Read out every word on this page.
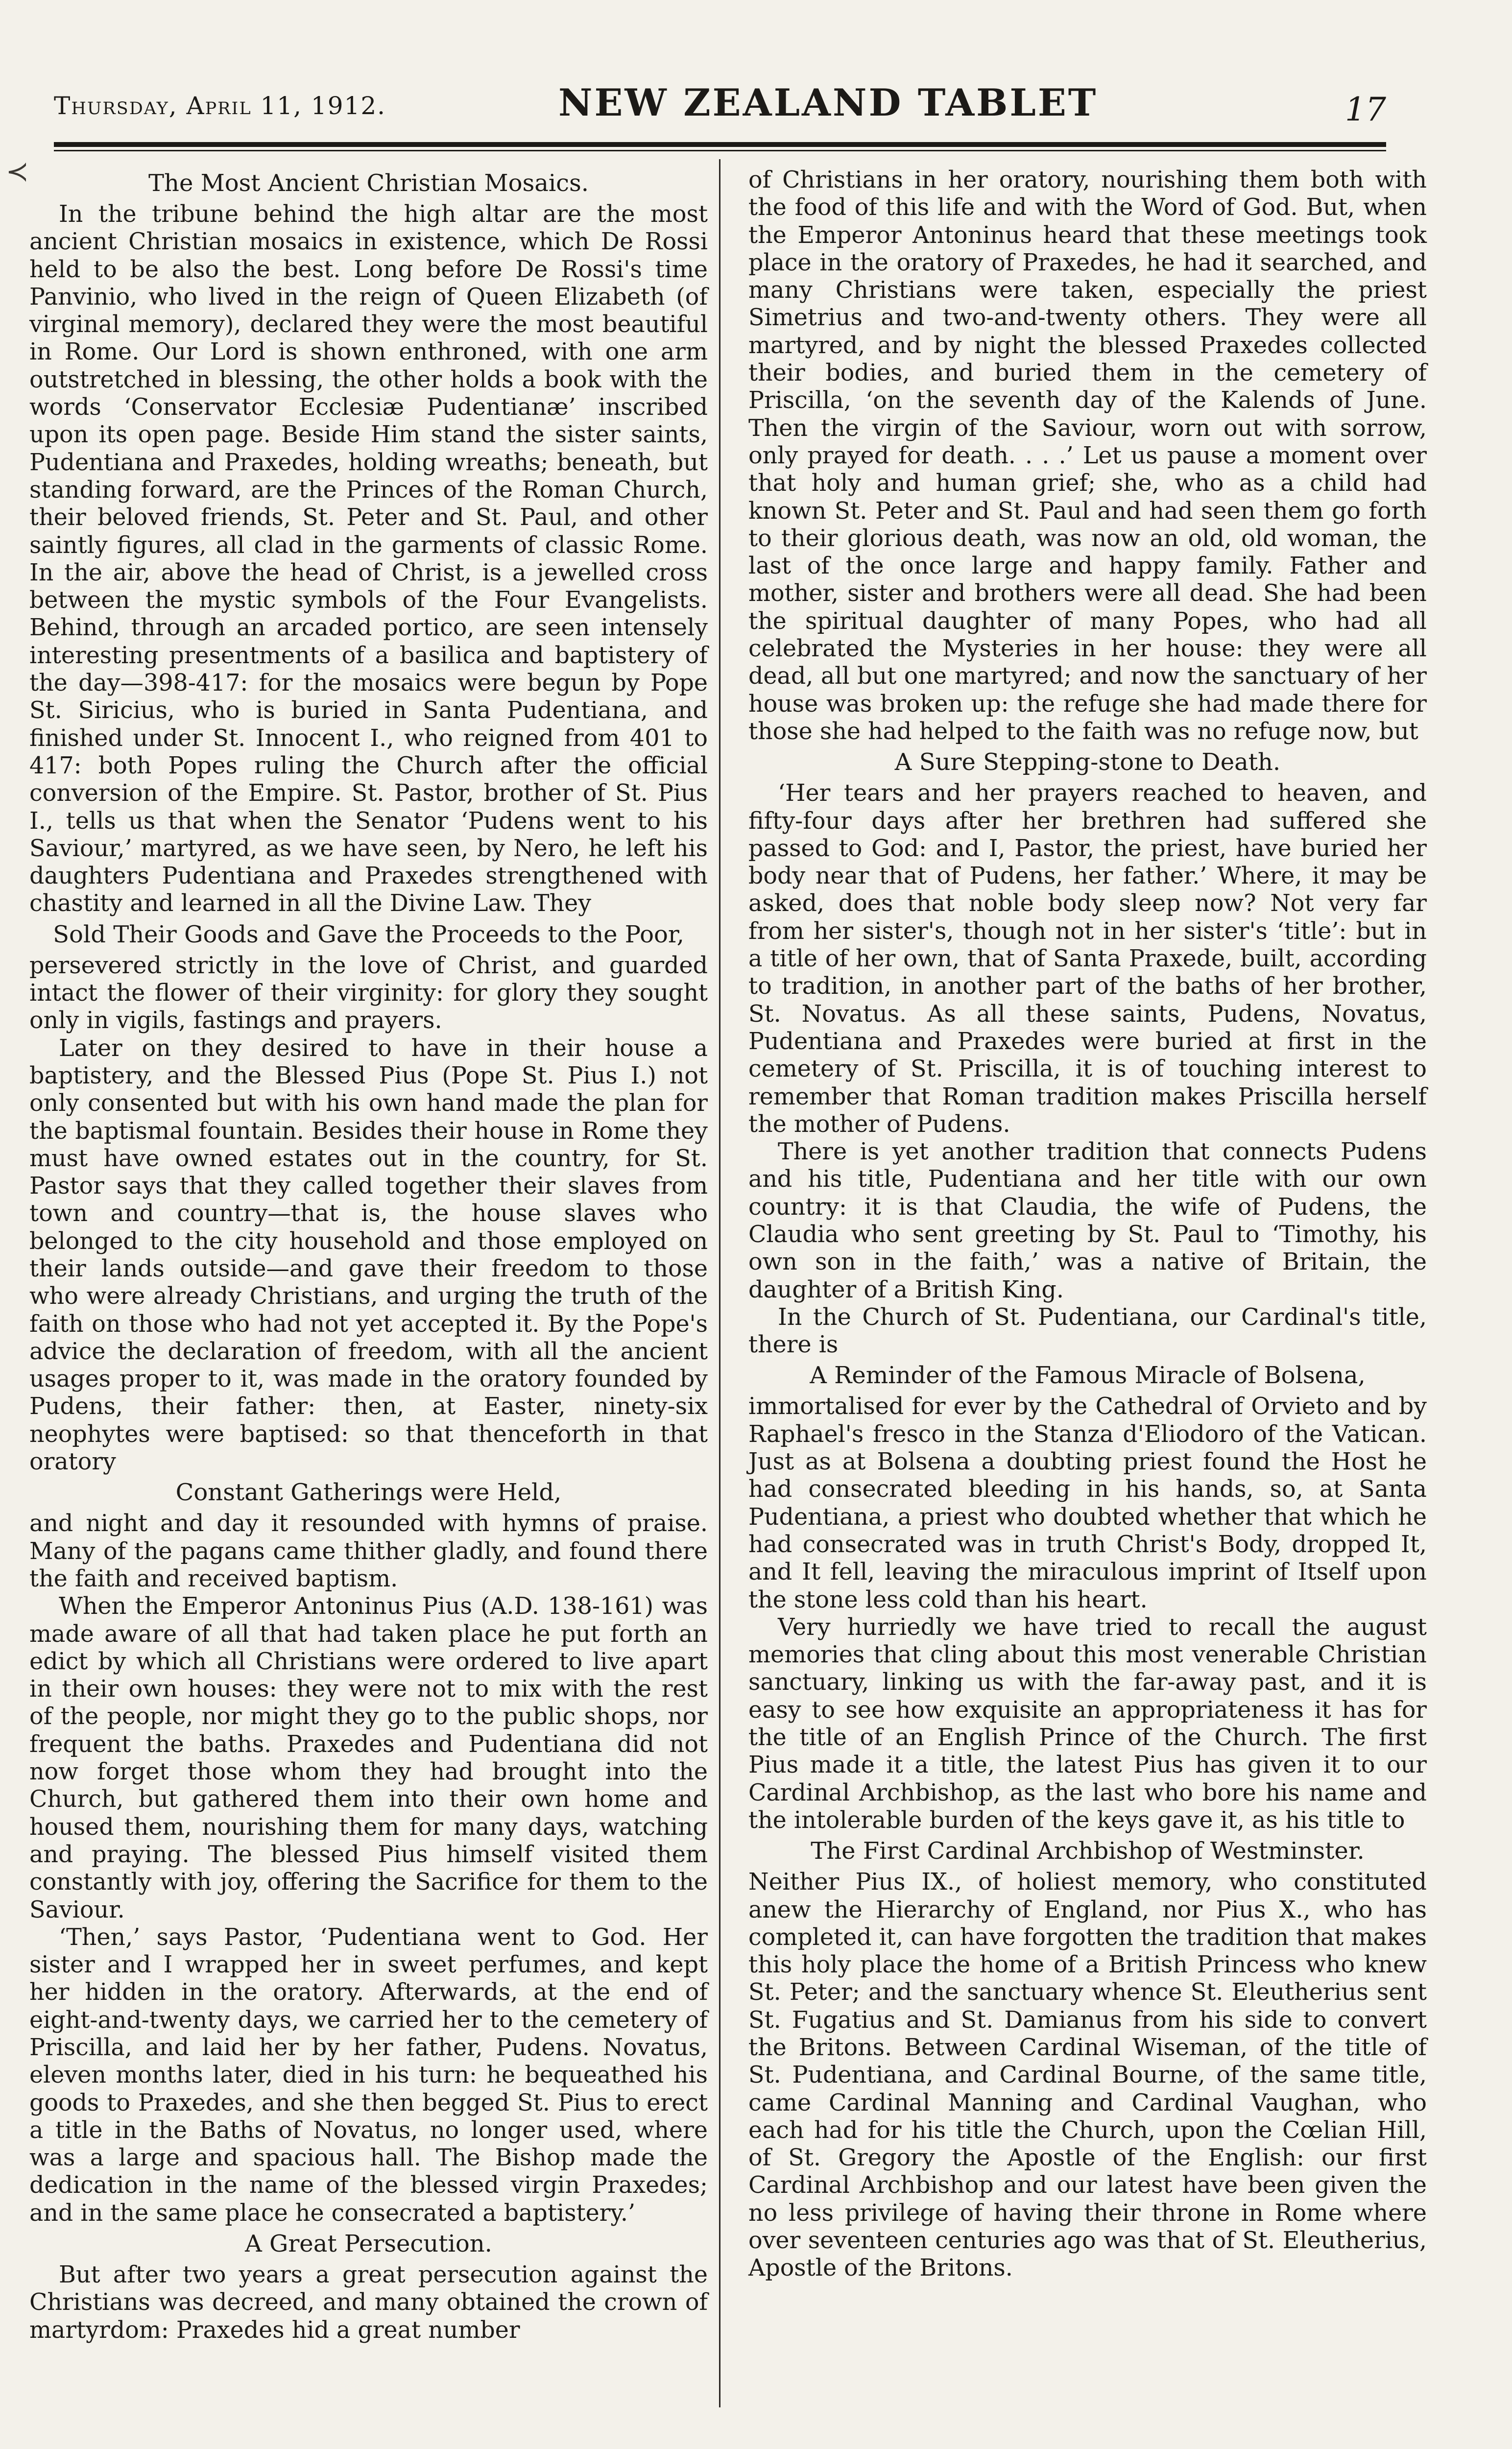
Thursday, April 11, 1912.	NEW ZEALAND TABLET	17
≺	The Most Ancient Christian Mosaics.

In the tribune behind the high altar are the most ancient Christian mosaics in existence, which De Rossi held to be also the best. Long before De Rossi's time Panvinio, who lived in the reign of Queen Elizabeth (of virginal memory), declared they were the most beautiful in Rome. Our Lord is shown enthroned, with one arm outstretched in blessing, the other holds a book with the words ‘Conservator Ecclesiæ Pudentianæ’ inscribed upon its open page. Beside Him stand the sister saints, Pudentiana and Praxedes, holding wreaths; beneath, but standing forward, are the Princes of the Roman Church, their beloved friends, St. Peter and St. Paul, and other saintly figures, all clad in the garments of classic Rome. In the air, above the head of Christ, is a jewelled cross between the mystic symbols of the Four Evangelists. Behind, through an arcaded portico, are seen intensely interesting presentments of a basilica and baptistery of the day—398-417: for the mosaics were begun by Pope St. Siricius, who is buried in Santa Pudentiana, and finished under St. Innocent I., who reigned from 401 to 417: both Popes ruling the Church after the official conversion of the Empire. St. Pastor, brother of St. Pius I., tells us that when the Senator ‘Pudens went to his Saviour,’ martyred, as we have seen, by Nero, he left his daughters Pudentiana and Praxedes strengthened with chastity and learned in all the Divine Law. They

Sold Their Goods and Gave the Proceeds to the Poor,

persevered strictly in the love of Christ, and guarded intact the flower of their virginity: for glory they sought only in vigils, fastings and prayers.

Later on they desired to have in their house a baptistery, and the Blessed Pius (Pope St. Pius I.) not only consented but with his own hand made the plan for the baptismal fountain. Besides their house in Rome they must have owned estates out in the country, for St. Pastor says that they called together their slaves from town and country—that is, the house slaves who belonged to the city household and those employed on their lands outside—and gave their freedom to those who were already Christians, and urging the truth of the faith on those who had not yet accepted it. By the Pope's advice the declaration of freedom, with all the ancient usages proper to it, was made in the oratory founded by Pudens, their father: then, at Easter, ninety-six neophytes were baptised: so that thenceforth in that oratory

Constant Gatherings were Held,

and night and day it resounded with hymns of praise. Many of the pagans came thither gladly, and found there the faith and received baptism.

When the Emperor Antoninus Pius (A.D. 138-161) was made aware of all that had taken place he put forth an edict by which all Christians were ordered to live apart in their own houses: they were not to mix with the rest of the people, nor might they go to the public shops, nor frequent the baths. Praxedes and Pudentiana did not now forget those whom they had brought into the Church, but gathered them into their own home and housed them, nourishing them for many days, watching and praying. The blessed Pius himself visited them constantly with joy, offering the Sacrifice for them to the Saviour.

‘Then,’ says Pastor, ‘Pudentiana went to God. Her sister and I wrapped her in sweet perfumes, and kept her hidden in the oratory. Afterwards, at the end of eight-and-twenty days, we carried her to the cemetery of Priscilla, and laid her by her father, Pudens. Novatus, eleven months later, died in his turn: he bequeathed his goods to Praxedes, and she then begged St. Pius to erect a title in the Baths of Novatus, no longer used, where was a large and spacious hall. The Bishop made the dedication in the name of the blessed virgin Praxedes; and in the same place he consecrated a baptistery.’

A Great Persecution.

But after two years a great persecution against the Christians was decreed, and many obtained the crown of martyrdom: Praxedes hid a great number

of Christians in her oratory, nourishing them both with the food of this life and with the Word of God. But, when the Emperor Antoninus heard that these meetings took place in the oratory of Praxedes, he had it searched, and many Christians were taken, especially the priest Simetrius and two-and-twenty others. They were all martyred, and by night the blessed Praxedes collected their bodies, and buried them in the cemetery of Priscilla, ‘on the seventh day of the Kalends of June. Then the virgin of the Saviour, worn out with sorrow, only prayed for death. . . .’ Let us pause a moment over that holy and human grief; she, who as a child had known St. Peter and St. Paul and had seen them go forth to their glorious death, was now an old, old woman, the last of the once large and happy family. Father and mother, sister and brothers were all dead. She had been the spiritual daughter of many Popes, who had all celebrated the Mysteries in her house: they were all dead, all but one martyred; and now the sanctuary of her house was broken up: the refuge she had made there for those she had helped to the faith was no refuge now, but

A Sure Stepping-stone to Death.

‘Her tears and her prayers reached to heaven, and fifty-four days after her brethren had suffered she passed to God: and I, Pastor, the priest, have buried her body near that of Pudens, her father.’ Where, it may be asked, does that noble body sleep now? Not very far from her sister's, though not in her sister's ‘title’: but in a title of her own, that of Santa Praxede, built, according to tradition, in another part of the baths of her brother, St. Novatus. As all these saints, Pudens, Novatus, Pudentiana and Praxedes were buried at first in the cemetery of St. Priscilla, it is of touching interest to remember that Roman tradition makes Priscilla herself the mother of Pudens.

There is yet another tradition that connects Pudens and his title, Pudentiana and her title with our own country: it is that Claudia, the wife of Pudens, the Claudia who sent greeting by St. Paul to ‘Timothy, his own son in the faith,’ was a native of Britain, the daughter of a British King.

In the Church of St. Pudentiana, our Cardinal's title, there is

A Reminder of the Famous Miracle of Bolsena,

immortalised for ever by the Cathedral of Orvieto and by Raphael's fresco in the Stanza d'Eliodoro of the Vatican. Just as at Bolsena a doubting priest found the Host he had consecrated bleeding in his hands, so, at Santa Pudentiana, a priest who doubted whether that which he had consecrated was in truth Christ's Body, dropped It, and It fell, leaving the miraculous imprint of Itself upon the stone less cold than his heart.

Very hurriedly we have tried to recall the august memories that cling about this most venerable Christian sanctuary, linking us with the far-away past, and it is easy to see how exquisite an appropriateness it has for the title of an English Prince of the Church. The first Pius made it a title, the latest Pius has given it to our Cardinal Archbishop, as the last who bore his name and the intolerable burden of the keys gave it, as his title to

The First Cardinal Archbishop of Westminster.

Neither Pius IX., of holiest memory, who constituted anew the Hierarchy of England, nor Pius X., who has completed it, can have forgotten the tradition that makes this holy place the home of a British Princess who knew St. Peter; and the sanctuary whence St. Eleutherius sent St. Fugatius and St. Damianus from his side to convert the Britons. Between Cardinal Wiseman, of the title of St. Pudentiana, and Cardinal Bourne, of the same title, came Cardinal Manning and Cardinal Vaughan, who each had for his title the Church, upon the Cœlian Hill, of St. Gregory the Apostle of the English: our first Cardinal Archbishop and our latest have been given the no less privilege of having their throne in Rome where over seventeen centuries ago was that of St. Eleutherius, Apostle of the Britons.
